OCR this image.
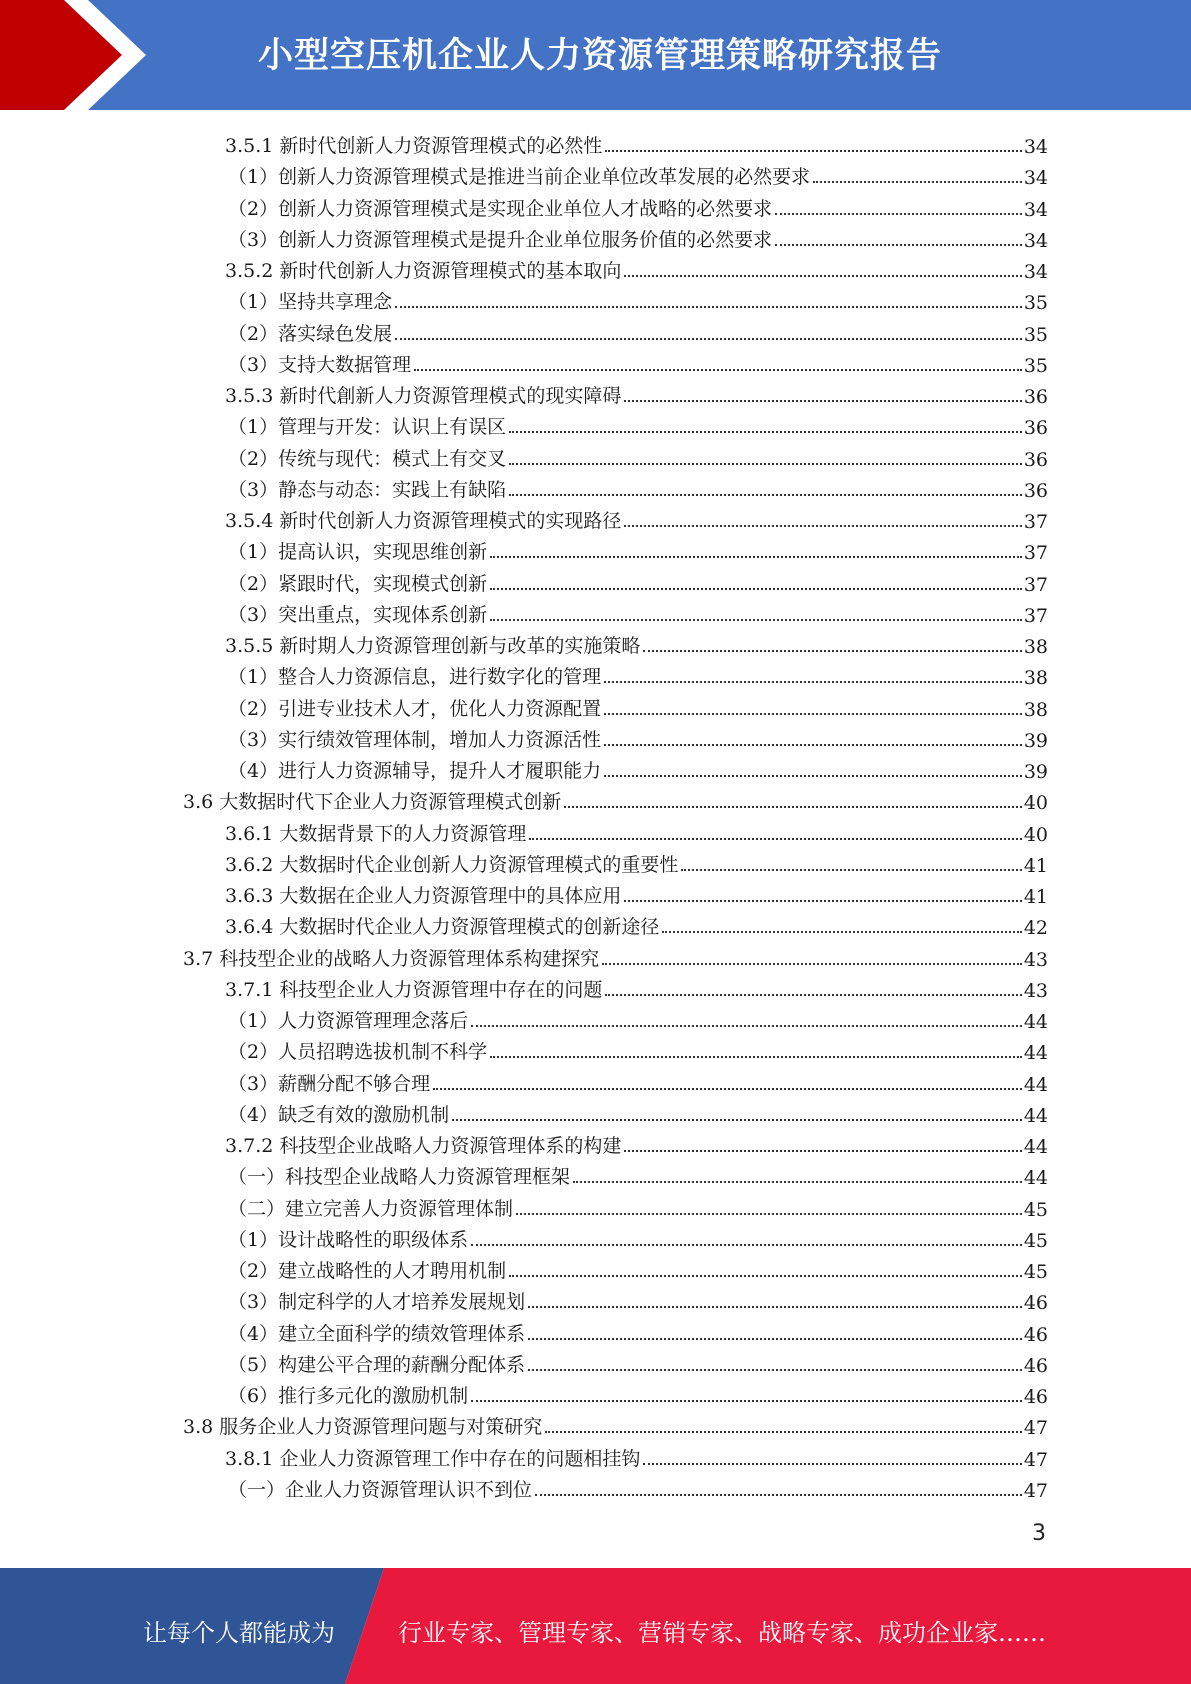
小型空压机企业人力资源管理策略研究报告
3.5.1 新时代创新人力资源管理模式的必然性	34
（1）创新人力资源管理模式是推进当前企业单位改革发展的必然要求	34
（2）创新人力资源管理模式是实现企业单位人才战略的必然要求	34
（3）创新人力资源管理模式是提升企业单位服务价值的必然要求	34
3.5.2 新时代创新人力资源管理模式的基本取向	34
（1）坚持共享理念	35
（2）落实绿色发展	35
（3）支持大数据管理	35
3.5.3 新时代創新人力资源管理模式的现实障碍	36
（1）管理与开发：认识上有误区	36
（2）传统与现代：模式上有交叉	36
（3）静态与动态：实践上有缺陷	36
3.5.4 新时代创新人力资源管理模式的实现路径	37
（1）提高认识，实现思维创新	37
（2）紧跟时代，实现模式创新	37
（3）突出重点，实现体系创新	37
3.5.5 新时期人力资源管理创新与改革的实施策略	38
（1）整合人力资源信息，进行数字化的管理	38
（2）引进专业技术人才，优化人力资源配置	38
（3）实行绩效管理体制，增加人力资源活性	39
（4）进行人力资源辅导，提升人才履职能力	39
3.6 大数据时代下企业人力资源管理模式创新	40
3.6.1 大数据背景下的人力资源管理	40
3.6.2 大数据时代企业创新人力资源管理模式的重要性	41
3.6.3 大数据在企业人力资源管理中的具体应用	41
3.6.4 大数据时代企业人力资源管理模式的创新途径	42
3.7 科技型企业的战略人力资源管理体系构建探究	43
3.7.1 科技型企业人力资源管理中存在的问题	43
（1）人力资源管理理念落后	44
（2）人员招聘选拔机制不科学	44
（3）薪酬分配不够合理	44
（4）缺乏有效的激励机制	44
3.7.2 科技型企业战略人力资源管理体系的构建	44
（一）科技型企业战略人力资源管理框架	44
（二）建立完善人力资源管理体制	45
（1）设计战略性的职级体系	45
（2）建立战略性的人才聘用机制	45
（3）制定科学的人才培养发展规划	46
（4）建立全面科学的绩效管理体系	46
（5）构建公平合理的薪酬分配体系	46
（6）推行多元化的激励机制	46
3.8 服务企业人力资源管理问题与对策研究	47
3.8.1 企业人力资源管理工作中存在的问题相挂钩	47
（一）企业人力资源管理认识不到位	47
3
让每个人都能成为	行业专家、管理专家、营销专家、战略专家、成功企业家……
